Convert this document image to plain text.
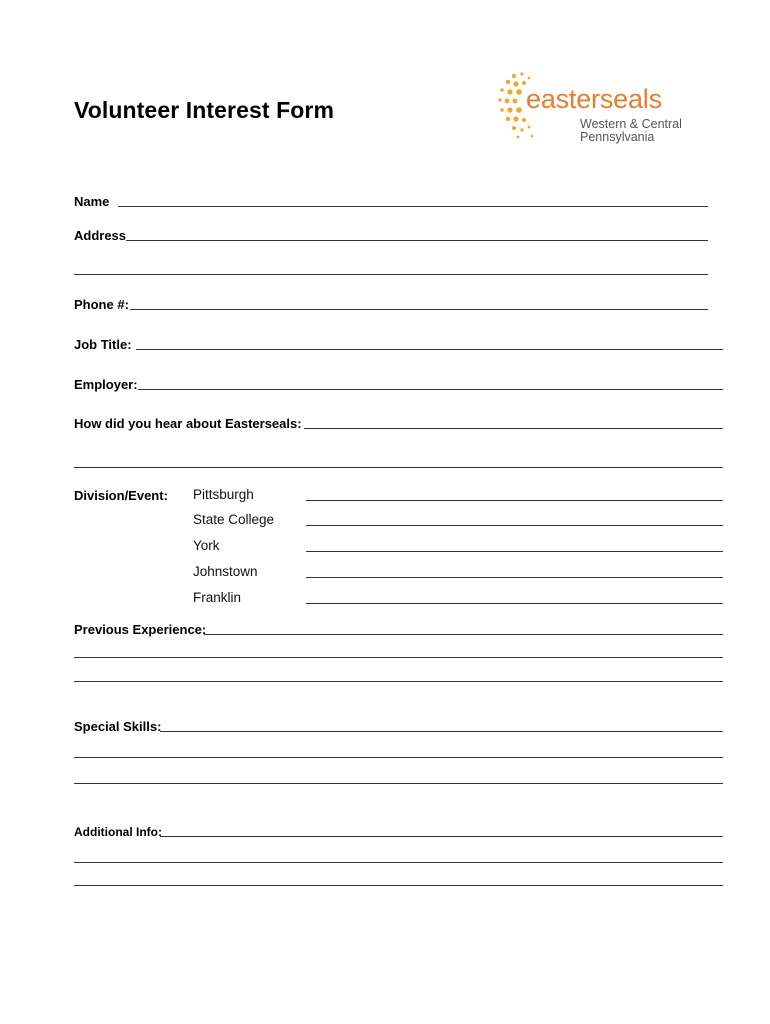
Volunteer Interest Form	easterseals
Western & Central
Pennsylvania
Name
Address
Phone #:
Job Title:
Employer:
How did you hear about Easterseals:
Division/Event: Pittsburgh
State College
York
Johnstown
Franklin
Previous Experience:
Special Skills:
Additional Info:
